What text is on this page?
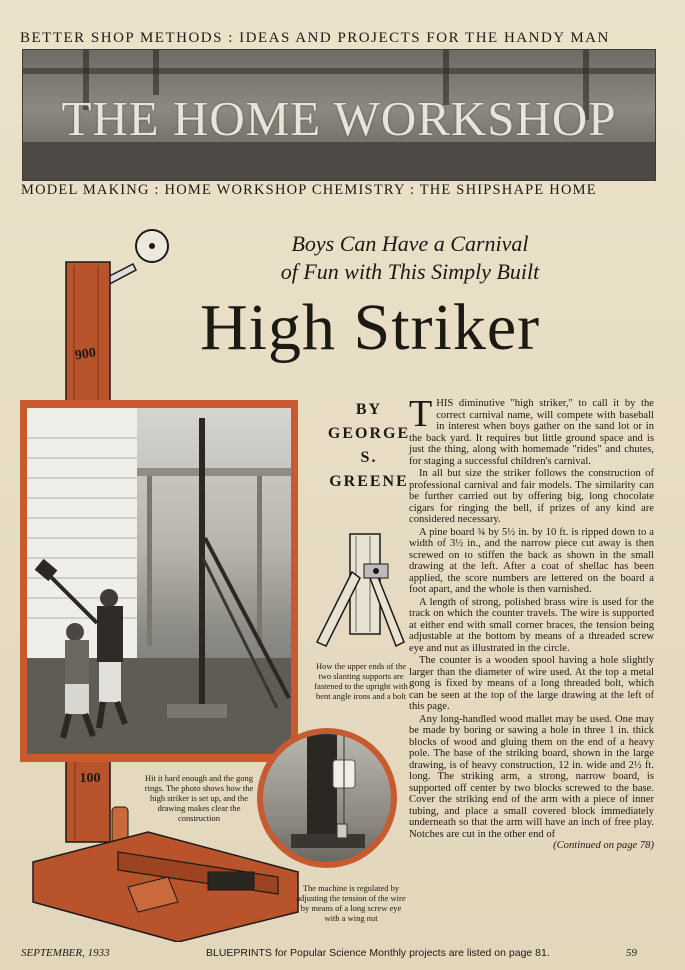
BETTER SHOP METHODS : IDEAS AND PROJECTS FOR THE HANDY MAN
THE HOME WORKSHOP
MODEL MAKING : HOME WORKSHOP CHEMISTRY : THE SHIPSHAPE HOME
900
100
How the upper ends of the two slanting supports are fastened to the upright with bent angle irons and a bolt
Hit it hard enough and the gong rings. The photo shows how the high striker is set up, and the drawing makes clear the construction
The machine is regulated by adjusting the tension of the wire by means of a long screw eye with a wing nut
Boys Can Have a Carnival
of Fun with This Simply Built
High Striker
BY
GEORGE
S.
GREENE

THIS diminutive "high striker," to call it by the correct carnival name, will compete with baseball in interest when boys gather on the sand lot or in the back yard. It requires but little ground space and is just the thing, along with homemade "rides" and chutes, for staging a successful children's carnival.

In all but size the striker follows the construction of professional carnival and fair models. The similarity can be further carried out by offering big, long chocolate cigars for ringing the bell, if prizes of any kind are considered necessary.

A pine board ¾ by 5½ in. by 10 ft. is ripped down to a width of 3½ in., and the narrow piece cut away is then screwed on to stiffen the back as shown in the small drawing at the left. After a coat of shellac has been applied, the score numbers are lettered on the board a foot apart, and the whole is then varnished.

A length of strong, polished brass wire is used for the track on which the counter travels. The wire is supported at either end with small corner braces, the tension being adjustable at the bottom by means of a threaded screw eye and nut as illustrated in the circle.

The counter is a wooden spool having a hole slightly larger than the diameter of wire used. At the top a metal gong is fixed by means of a long threaded bolt, which can be seen at the top of the large drawing at the left of this page.

Any long-handled wood mallet may be used. One may be made by boring or sawing a hole in three 1 in. thick blocks of wood and gluing them on the end of a heavy pole. The base of the striking board, shown in the large drawing, is of heavy construction, 12 in. wide and 2½ ft. long. The striking arm, a strong, narrow board, is supported off center by two blocks screwed to the base. Cover the striking end of the arm with a piece of inner tubing, and place a small covered block immediately underneath so that the arm will have an inch of free play. Notches are cut in the other end of
(Continued on page 78)

SEPTEMBER, 1933	BLUEPRINTS for Popular Science Monthly projects are listed on page 81.	59
